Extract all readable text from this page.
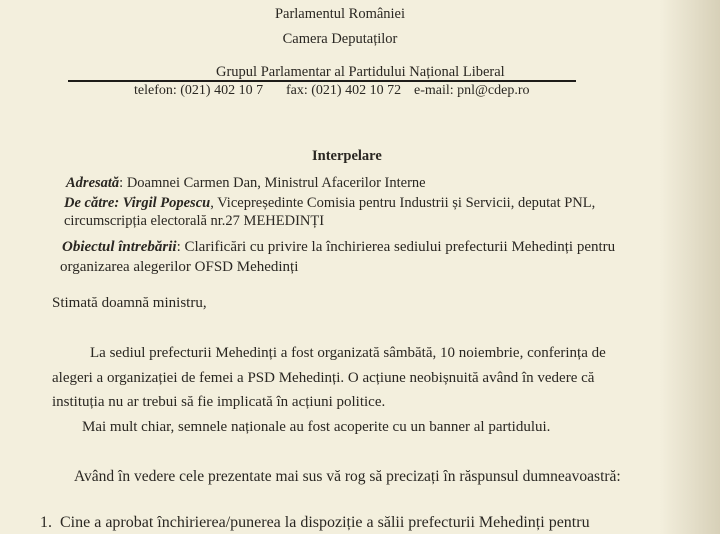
Parlamentul României
Camera Deputaților
Grupul Parlamentar al Partidului Național Liberal
telefon: (021) 402 10 7 fax: (021) 402 10 72 e-mail: pnl@cdep.ro
Interpelare
Adresată: Doamnei Carmen Dan, Ministrul Afacerilor Interne
De către: Virgil Popescu, Vicepreședinte Comisia pentru Industrii și Servicii, deputat PNL,
circumscripția electorală nr.27 MEHEDINȚI
Obiectul întrebării: Clarificări cu privire la închirierea sediului prefecturii Mehedinți pentru
organizarea alegerilor OFSD Mehedinți
Stimată doamnă ministru,
La sediul prefecturii Mehedinți a fost organizată sâmbătă, 10 noiembrie, conferința de
alegeri a organizației de femei a PSD Mehedinți. O acțiune neobișnuită având în vedere că
instituția nu ar trebui să fie implicată în acțiuni politice.
Mai mult chiar, semnele naționale au fost acoperite cu un banner al partidului.
Având în vedere cele prezentate mai sus vă rog să precizați în răspunsul dumneavoastră:
1. Cine a aprobat închirierea/punerea la dispoziție a sălii prefecturii Mehedinți pentru
